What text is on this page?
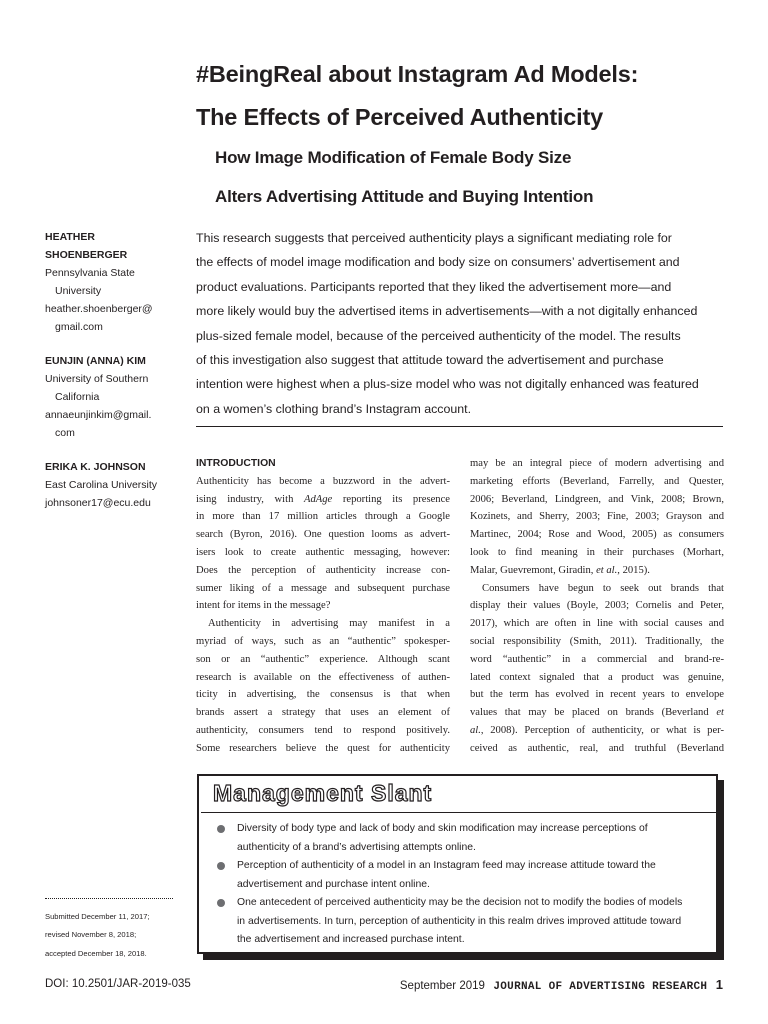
#BeingReal about Instagram Ad Models:
The Effects of Perceived Authenticity
How Image Modification of Female Body Size
Alters Advertising Attitude and Buying Intention
HEATHER
SHOENBERGER
Pennsylvania State
University
heather.shoenberger@
gmail.com
EUNJIN (ANNA) KIM
University of Southern
California
annaeunjinkim@gmail.
com
ERIKA K. JOHNSON
East Carolina University
johnsoner17@ecu.edu
This research suggests that perceived authenticity plays a significant mediating role for
the effects of model image modification and body size on consumers’ advertisement and
product evaluations. Participants reported that they liked the advertisement more—and
more likely would buy the advertised items in advertisements—with a not digitally enhanced
plus-sized female model, because of the perceived authenticity of the model. The results
of this investigation also suggest that attitude toward the advertisement and purchase
intention were highest when a plus-size model who was not digitally enhanced was featured
on a women’s clothing brand’s Instagram account.
INTRODUCTION
Authenticity has become a buzzword in the advert-
ising industry, with AdAge reporting its presence
in more than 17 million articles through a Google
search (Byron, 2016). One question looms as advert-
isers look to create authentic messaging, however:
Does the perception of authenticity increase con-
sumer liking of a message and subsequent purchase
intent for items in the message?
Authenticity in advertising may manifest in a
myriad of ways, such as an “authentic” spokesper-
son or an “authentic” experience. Although scant
research is available on the effectiveness of authen-
ticity in advertising, the consensus is that when
brands assert a strategy that uses an element of
authenticity, consumers tend to respond positively.
Some researchers believe the quest for authenticity
may be an integral piece of modern advertising and
marketing efforts (Beverland, Farrelly, and Quester,
2006; Beverland, Lindgreen, and Vink, 2008; Brown,
Kozinets, and Sherry, 2003; Fine, 2003; Grayson and
Martinec, 2004; Rose and Wood, 2005) as consumers
look to find meaning in their purchases (Morhart,
Malar, Guevremont, Giradin, et al., 2015).
Consumers have begun to seek out brands that
display their values (Boyle, 2003; Cornelis and Peter,
2017), which are often in line with social causes and
social responsibility (Smith, 2011). Traditionally, the
word “authentic” in a commercial and brand-re-
lated context signaled that a product was genuine,
but the term has evolved in recent years to envelope
values that may be placed on brands (Beverland et
al., 2008). Perception of authenticity, or what is per-
ceived as authentic, real, and truthful (Beverland
Management Slant
Diversity of body type and lack of body and skin modification may increase perceptions of
authenticity of a brand’s advertising attempts online.
Perception of authenticity of a model in an Instagram feed may increase attitude toward the
advertisement and purchase intent online.
One antecedent of perceived authenticity may be the decision not to modify the bodies of models
in advertisements. In turn, perception of authenticity in this realm drives improved attitude toward
the advertisement and increased purchase intent.
Submitted December 11, 2017;
revised November 8, 2018;
accepted December 18, 2018.
DOI: 10.2501/JAR-2019-035	September 2019 JOURNAL OF ADVERTISING RESEARCH 1
